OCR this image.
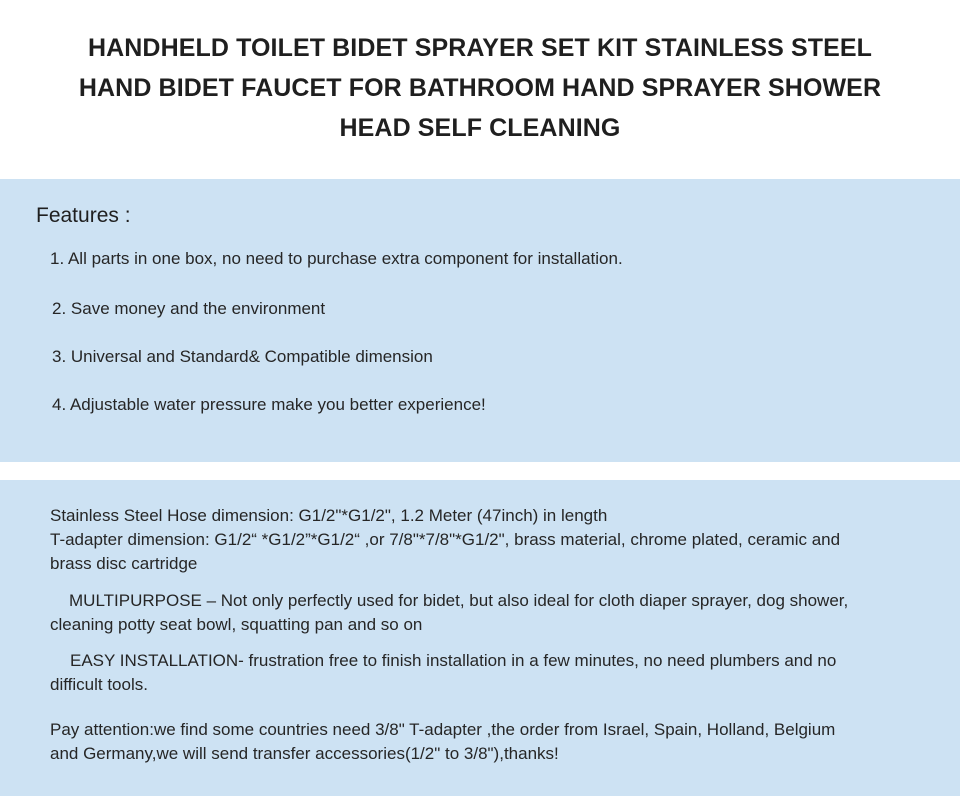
HANDHELD TOILET BIDET SPRAYER SET KIT STAINLESS STEEL
HAND BIDET FAUCET FOR BATHROOM HAND SPRAYER SHOWER
HEAD SELF CLEANING
Features :
1. All parts in one box, no need to purchase extra component for installation.
2. Save money and the environment
3. Universal and Standard& Compatible dimension
4. Adjustable water pressure make you better experience!
Stainless Steel Hose dimension: G1/2"*G1/2", 1.2 Meter (47inch) in length
T-adapter dimension: G1/2“ *G1/2”*G1/2“ ,or 7/8"*7/8"*G1/2", brass material, chrome plated, ceramic and
brass disc cartridge
MULTIPURPOSE – Not only perfectly used for bidet, but also ideal for cloth diaper sprayer, dog shower,
cleaning potty seat bowl, squatting pan and so on
EASY INSTALLATION- frustration free to finish installation in a few minutes, no need plumbers and no
difficult tools.
Pay attention:we find some countries need 3/8" T-adapter ,the order from Israel, Spain, Holland, Belgium
and Germany,we will send transfer accessories(1/2" to 3/8"),thanks!
